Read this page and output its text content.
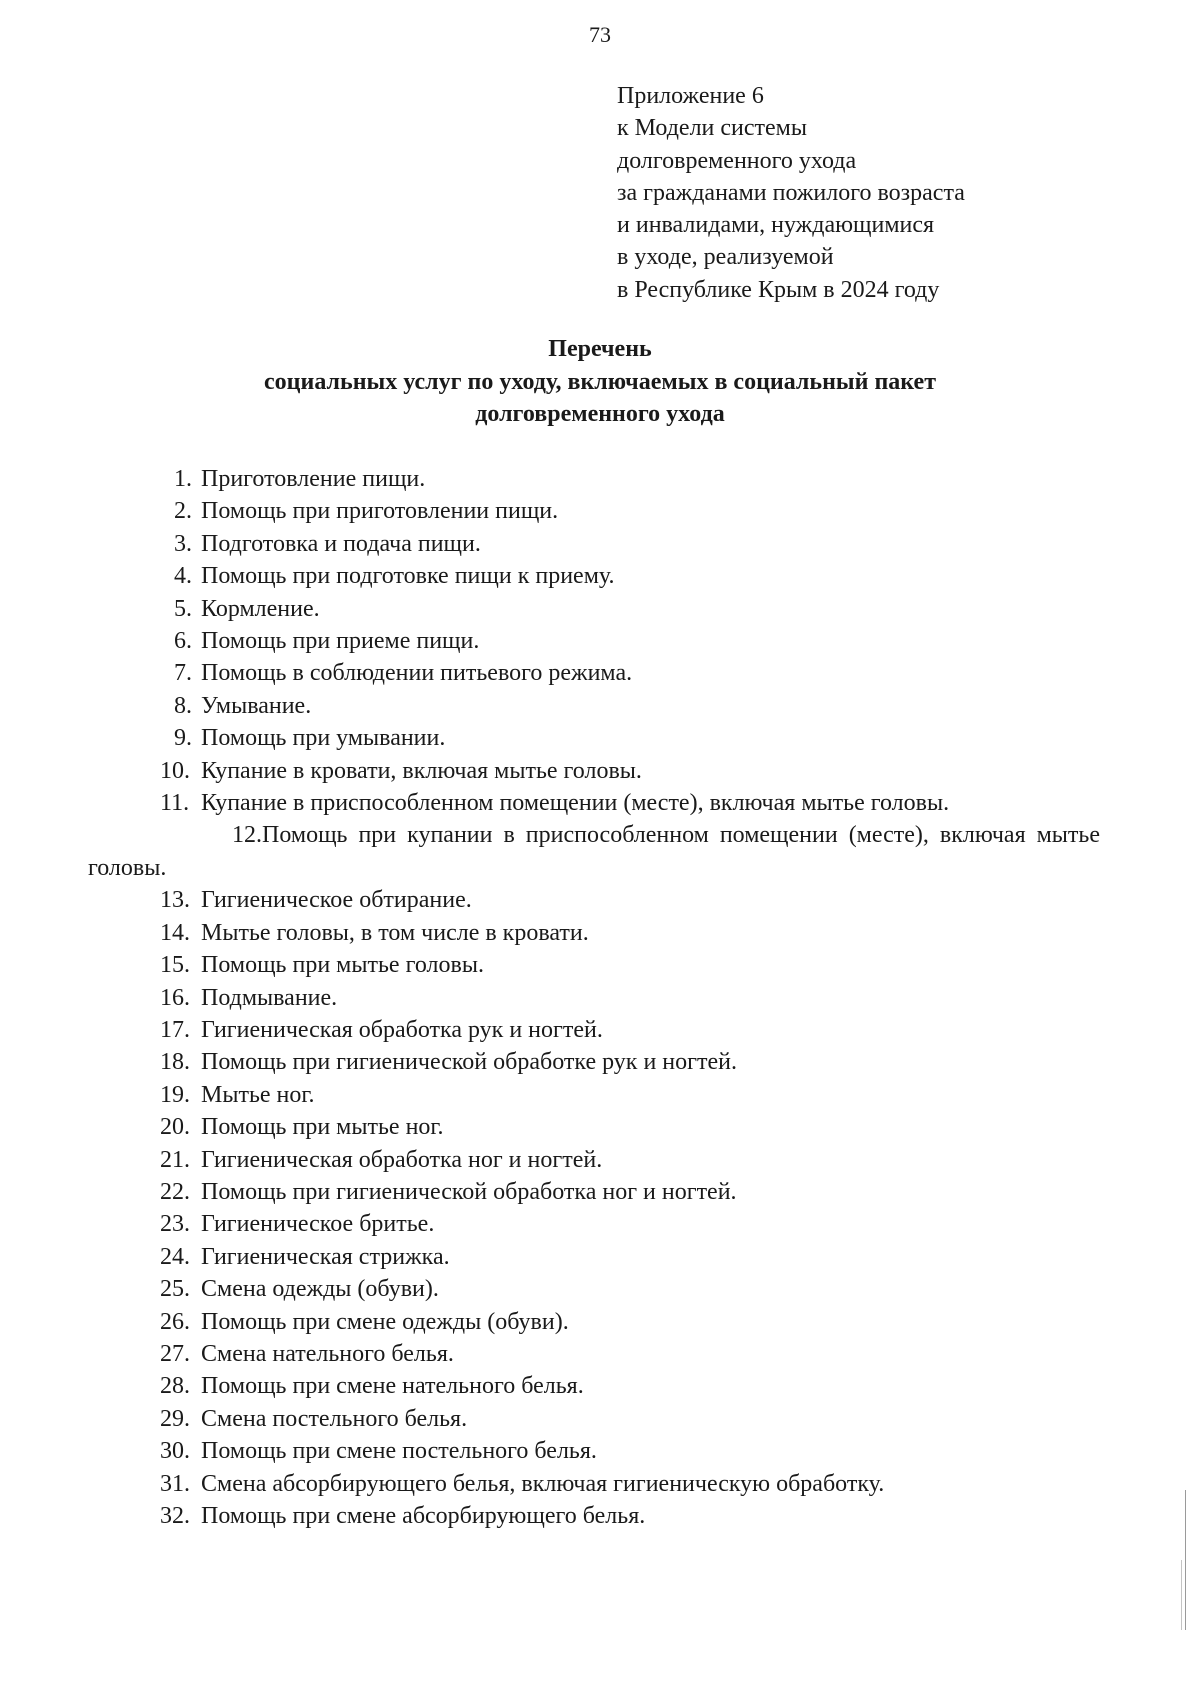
73
Приложение 6
к Модели системы
долговременного ухода
за гражданами пожилого возраста
и инвалидами, нуждающимися
в уходе, реализуемой
в Республике Крым в 2024 году
Перечень
социальных услуг по уходу, включаемых в социальный пакет
долговременного ухода
1. Приготовление пищи.
2. Помощь при приготовлении пищи.
3. Подготовка и подача пищи.
4. Помощь при подготовке пищи к приему.
5. Кормление.
6. Помощь при приеме пищи.
7. Помощь в соблюдении питьевого режима.
8. Умывание.
9. Помощь при умывании.
10. Купание в кровати, включая мытье головы.
11. Купание в приспособленном помещении (месте), включая мытье головы.
12.Помощь при купании в приспособленном помещении (месте), включая мытье головы.
13. Гигиеническое обтирание.
14. Мытье головы, в том числе в кровати.
15. Помощь при мытье головы.
16. Подмывание.
17. Гигиеническая обработка рук и ногтей.
18. Помощь при гигиенической обработке рук и ногтей.
19. Мытье ног.
20. Помощь при мытье ног.
21. Гигиеническая обработка ног и ногтей.
22. Помощь при гигиенической обработка ног и ногтей.
23. Гигиеническое бритье.
24. Гигиеническая стрижка.
25. Смена одежды (обуви).
26. Помощь при смене одежды (обуви).
27. Смена нательного белья.
28. Помощь при смене нательного белья.
29. Смена постельного белья.
30. Помощь при смене постельного белья.
31. Смена абсорбирующего белья, включая гигиеническую обработку.
32. Помощь при смене абсорбирующего белья.
